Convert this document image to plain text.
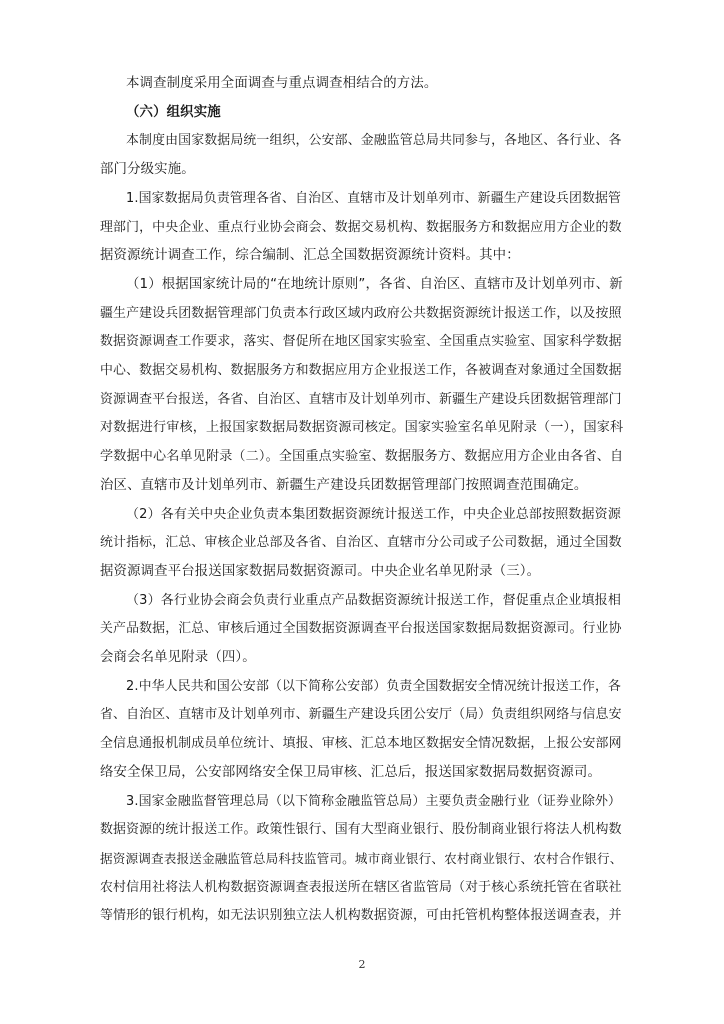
本调查制度采用全面调查与重点调查相结合的方法。

（六）组织实施

本制度由国家数据局统一组织，公安部、金融监管总局共同参与，各地区、各行业、各
部门分级实施。

1.国家数据局负责管理各省、自治区、直辖市及计划单列市、新疆生产建设兵团数据管
理部门，中央企业、重点行业协会商会、数据交易机构、数据服务方和数据应用方企业的数
据资源统计调查工作，综合编制、汇总全国数据资源统计资料。其中：

（1）根据国家统计局的“在地统计原则”，各省、自治区、直辖市及计划单列市、新
疆生产建设兵团数据管理部门负责本行政区域内政府公共数据资源统计报送工作，以及按照
数据资源调查工作要求，落实、督促所在地区国家实验室、全国重点实验室、国家科学数据
中心、数据交易机构、数据服务方和数据应用方企业报送工作，各被调查对象通过全国数据
资源调查平台报送，各省、自治区、直辖市及计划单列市、新疆生产建设兵团数据管理部门
对数据进行审核，上报国家数据局数据资源司核定。国家实验室名单见附录（一），国家科
学数据中心名单见附录（二）。全国重点实验室、数据服务方、数据应用方企业由各省、自
治区、直辖市及计划单列市、新疆生产建设兵团数据管理部门按照调查范围确定。

（2）各有关中央企业负责本集团数据资源统计报送工作，中央企业总部按照数据资源
统计指标，汇总、审核企业总部及各省、自治区、直辖市分公司或子公司数据，通过全国数
据资源调查平台报送国家数据局数据资源司。中央企业名单见附录（三）。

（3）各行业协会商会负责行业重点产品数据资源统计报送工作，督促重点企业填报相
关产品数据，汇总、审核后通过全国数据资源调查平台报送国家数据局数据资源司。行业协
会商会名单见附录（四）。

2.中华人民共和国公安部（以下简称公安部）负责全国数据安全情况统计报送工作，各
省、自治区、直辖市及计划单列市、新疆生产建设兵团公安厅（局）负责组织网络与信息安
全信息通报机制成员单位统计、填报、审核、汇总本地区数据安全情况数据，上报公安部网
络安全保卫局，公安部网络安全保卫局审核、汇总后，报送国家数据局数据资源司。

3.国家金融监督管理总局（以下简称金融监管总局）主要负责金融行业（证券业除外）
数据资源的统计报送工作。政策性银行、国有大型商业银行、股份制商业银行将法人机构数
据资源调查表报送金融监管总局科技监管司。城市商业银行、农村商业银行、农村合作银行、
农村信用社将法人机构数据资源调查表报送所在辖区省监管局（对于核心系统托管在省联社
等情形的银行机构，如无法识别独立法人机构数据资源，可由托管机构整体报送调查表，并

2
